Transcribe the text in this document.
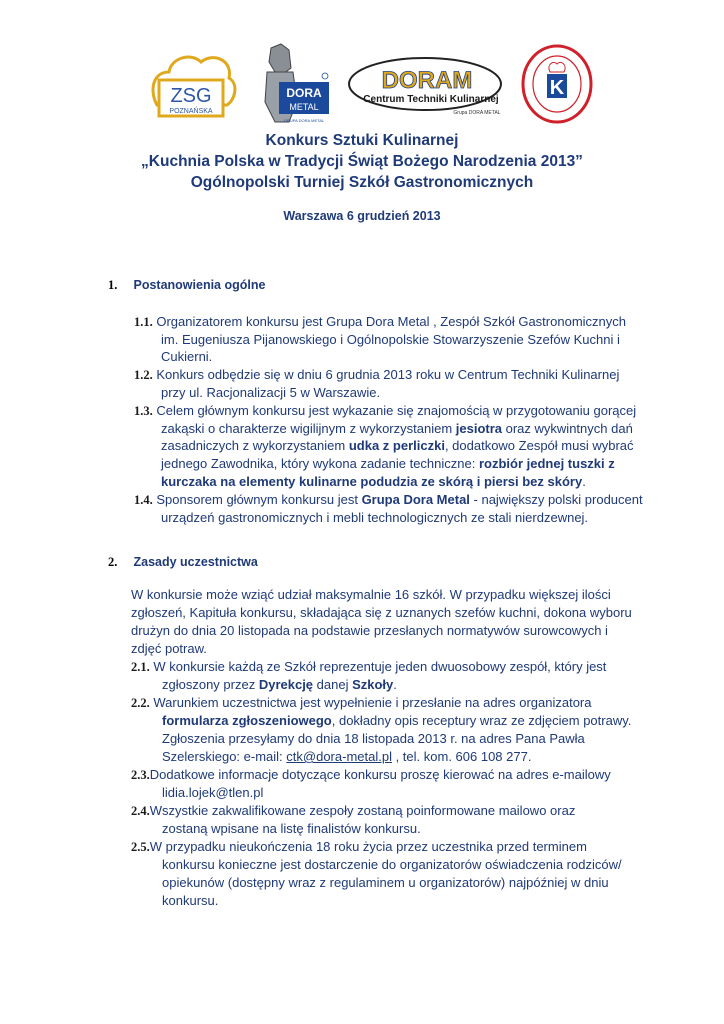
ZSG
POZNAŃSKA
DORA
METAL
GRUPA DORA METAL
DORAM
Centrum Techniki Kulinarnej
Grupa DORA METAL
K
Konkurs Sztuki Kulinarnej
„Kuchnia Polska w Tradycji Świąt Bożego Narodzenia 2013”
Ogólnopolski Turniej Szkół Gastronomicznych
Warszawa 6 grudzień 2013
1. Postanowienia ogólne
1.1. Organizatorem konkursu jest Grupa Dora Metal , Zespół Szkół Gastronomicznych
im. Eugeniusza Pijanowskiego i Ogólnopolskie Stowarzyszenie Szefów Kuchni i
Cukierni.
1.2. Konkurs odbędzie się w dniu 6 grudnia 2013 roku w Centrum Techniki Kulinarnej
przy ul. Racjonalizacji 5 w Warszawie.
1.3. Celem głównym konkursu jest wykazanie się znajomością w przygotowaniu gorącej
zakąski o charakterze wigilijnym z wykorzystaniem jesiotra oraz wykwintnych dań
zasadniczych z wykorzystaniem udka z perliczki, dodatkowo Zespół musi wybrać
jednego Zawodnika, który wykona zadanie techniczne: rozbiór jednej tuszki z
kurczaka na elementy kulinarne podudzia ze skórą i piersi bez skóry.
1.4. Sponsorem głównym konkursu jest Grupa Dora Metal - największy polski producent
urządzeń gastronomicznych i mebli technologicznych ze stali nierdzewnej.
2. Zasady uczestnictwa
W konkursie może wziąć udział maksymalnie 16 szkół. W przypadku większej ilości
zgłoszeń, Kapituła konkursu, składająca się z uznanych szefów kuchni, dokona wyboru
drużyn do dnia 20 listopada na podstawie przesłanych normatywów surowcowych i
zdjęć potraw.
2.1. W konkursie każdą ze Szkół reprezentuje jeden dwuosobowy zespół, który jest
zgłoszony przez Dyrekcję danej Szkoły.
2.2. Warunkiem uczestnictwa jest wypełnienie i przesłanie na adres organizatora
formularza zgłoszeniowego, dokładny opis receptury wraz ze zdjęciem potrawy.
Zgłoszenia przesyłamy do dnia 18 listopada 2013 r. na adres Pana Pawła
Szelerskiego: e-mail: ctk@dora-metal.pl , tel. kom. 606 108 277.
2.3.Dodatkowe informacje dotyczące konkursu proszę kierować na adres e-mailowy
lidia.lojek@tlen.pl
2.4.Wszystkie zakwalifikowane zespoły zostaną poinformowane mailowo oraz
zostaną wpisane na listę finalistów konkursu.
2.5.W przypadku nieukończenia 18 roku życia przez uczestnika przed terminem
konkursu konieczne jest dostarczenie do organizatorów oświadczenia rodziców/
opiekunów (dostępny wraz z regulaminem u organizatorów) najpóźniej w dniu
konkursu.
